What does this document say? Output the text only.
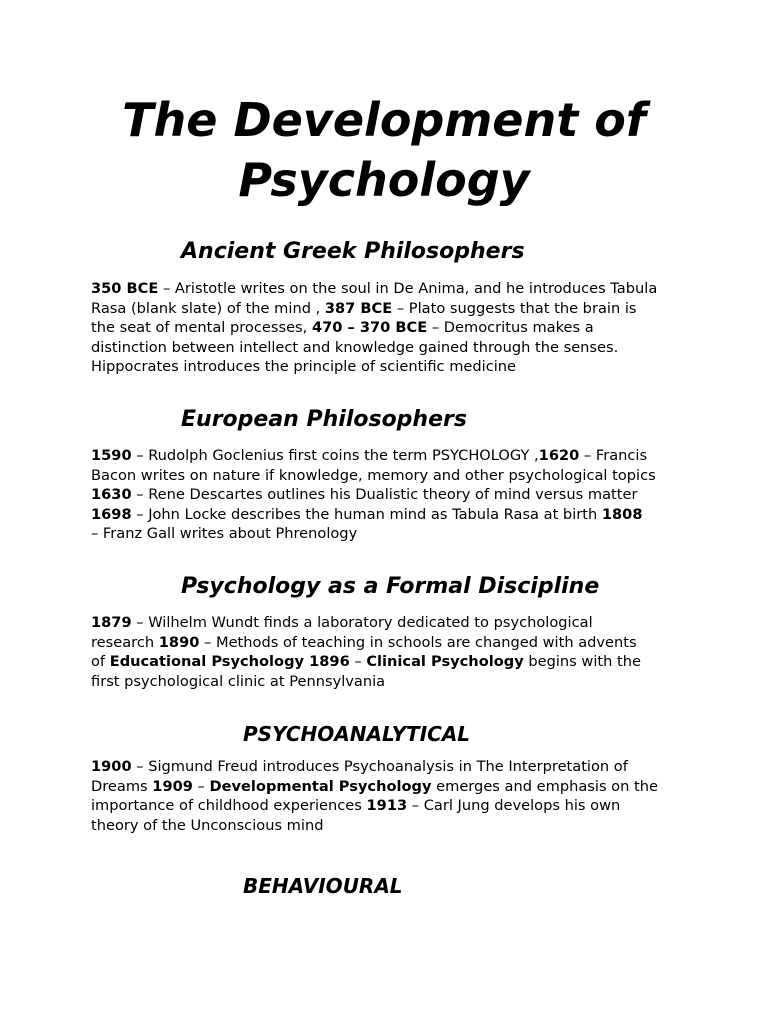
The Development of
Psychology
Ancient Greek Philosophers

350 BCE – Aristotle writes on the soul in De Anima, and he introduces Tabula
Rasa (blank slate) of the mind , 387 BCE – Plato suggests that the brain is
the seat of mental processes, 470 – 370 BCE – Democritus makes a
distinction between intellect and knowledge gained through the senses.
Hippocrates introduces the principle of scientific medicine

European Philosophers

1590 – Rudolph Goclenius first coins the term PSYCHOLOGY ,1620 – Francis
Bacon writes on nature if knowledge, memory and other psychological topics
1630 – Rene Descartes outlines his Dualistic theory of mind versus matter
1698 – John Locke describes the human mind as Tabula Rasa at birth 1808
– Franz Gall writes about Phrenology

Psychology as a Formal Discipline

1879 – Wilhelm Wundt finds a laboratory dedicated to psychological
research 1890 – Methods of teaching in schools are changed with advents
of Educational Psychology 1896 – Clinical Psychology begins with the
first psychological clinic at Pennsylvania

PSYCHOANALYTICAL

1900 – Sigmund Freud introduces Psychoanalysis in The Interpretation of
Dreams 1909 – Developmental Psychology emerges and emphasis on the
importance of childhood experiences 1913 – Carl Jung develops his own
theory of the Unconscious mind

BEHAVIOURAL
